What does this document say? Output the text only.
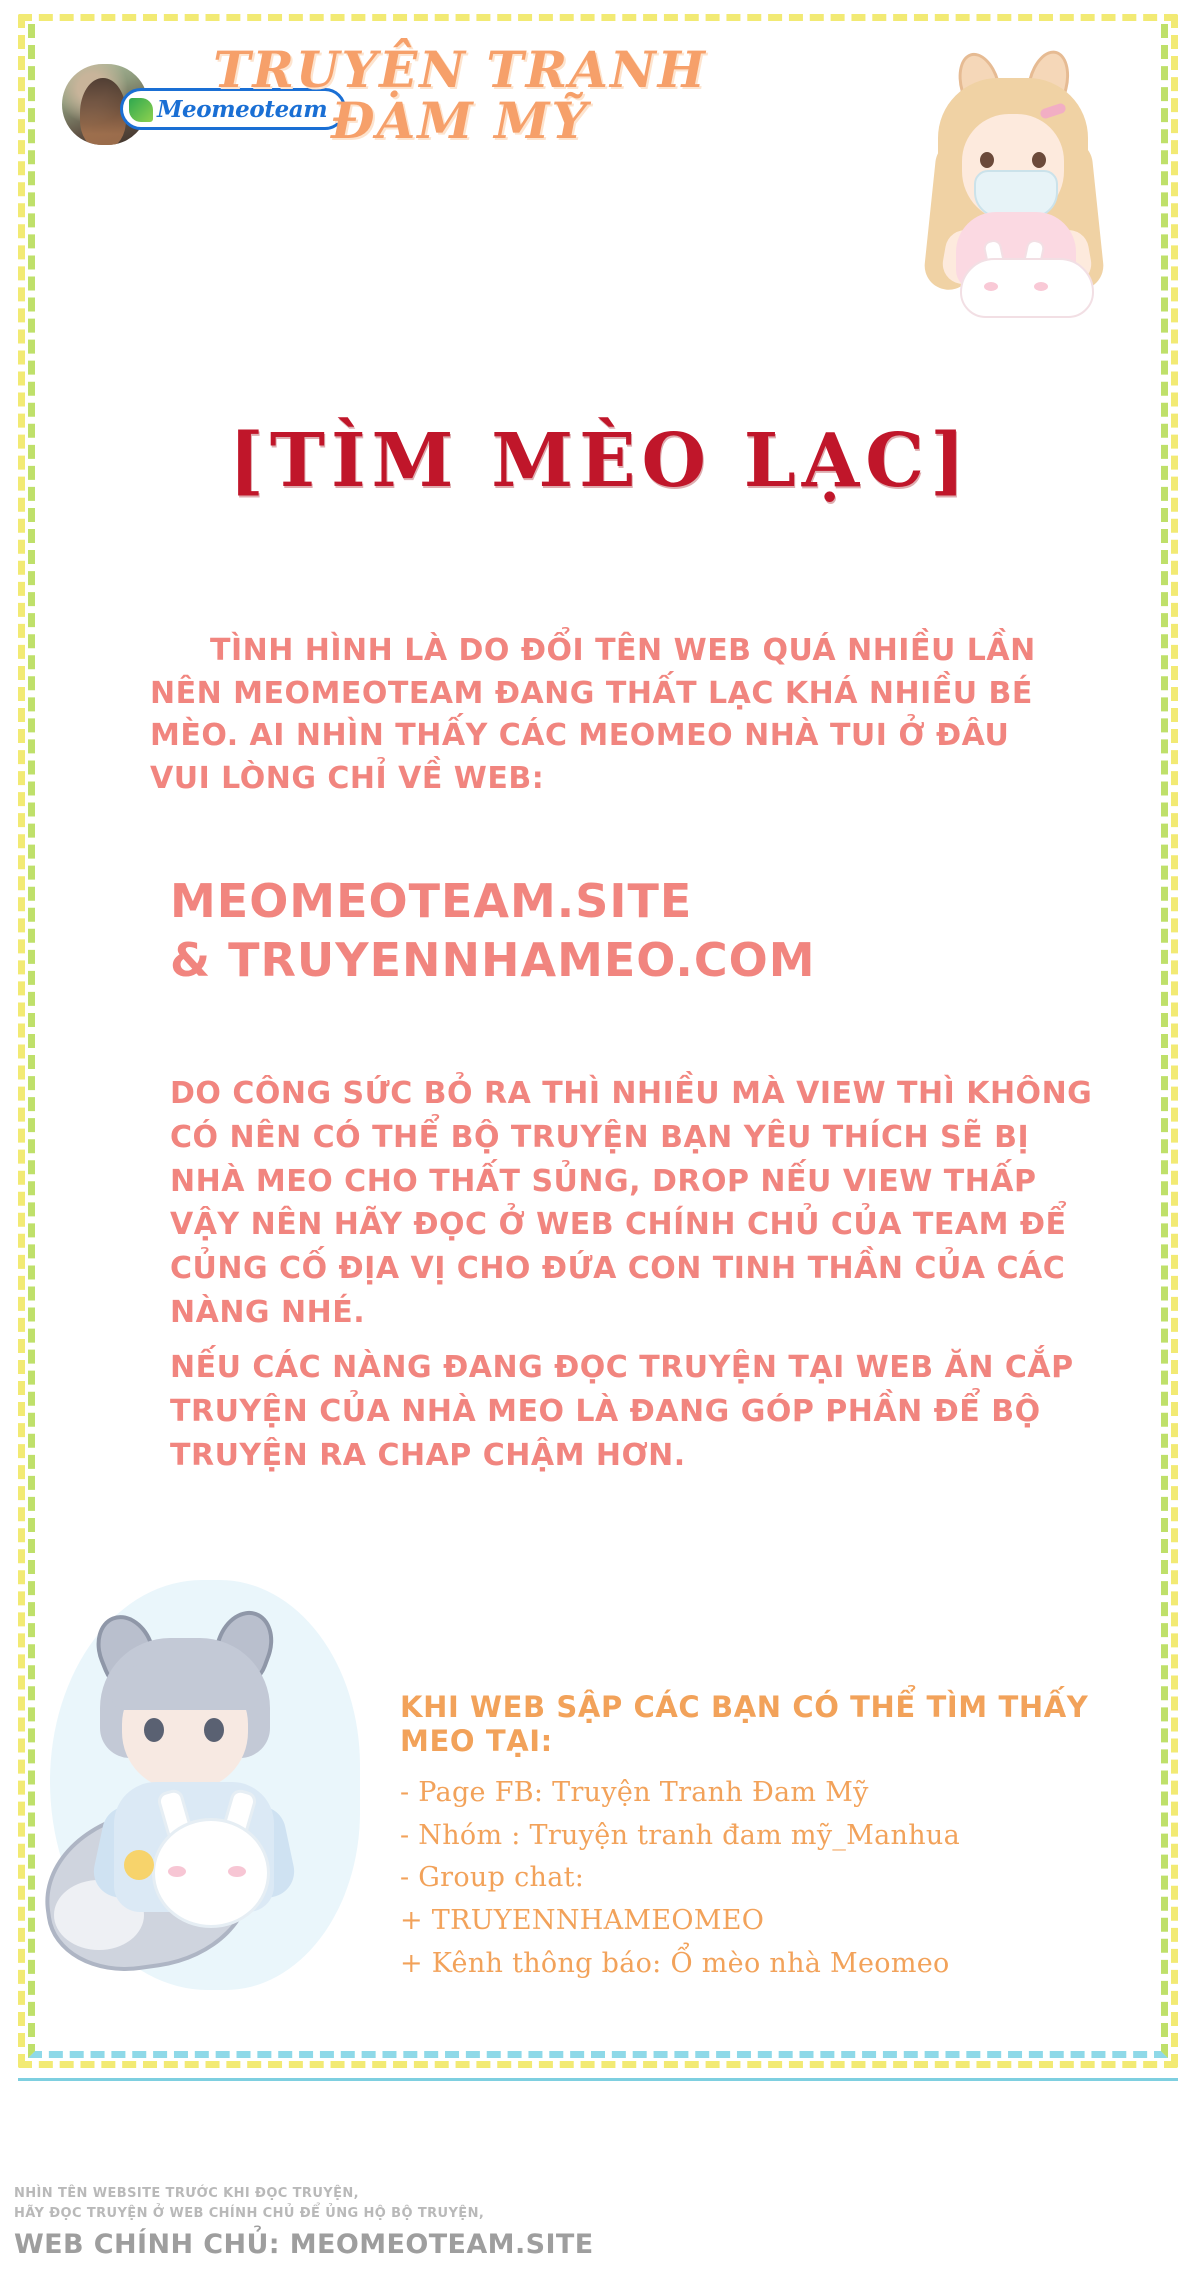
Meomeoteam
TRUYỆN TRANH
ĐAM MỸ
[TÌM MÈO LẠC]
TÌNH HÌNH LÀ DO ĐỔI TÊN WEB QUÁ NHIỀU LẦN NÊN MEOMEOTEAM ĐANG THẤT LẠC KHÁ NHIỀU BÉ MÈO. AI NHÌN THẤY CÁC MEOMEO NHÀ TUI Ở ĐÂU VUI LÒNG CHỈ VỀ WEB:
MEOMEOTEAM.SITE
& TRUYENNHAMEO.COM
DO CÔNG SỨC BỎ RA THÌ NHIỀU MÀ VIEW THÌ KHÔNG CÓ NÊN CÓ THỂ BỘ TRUYỆN BẠN YÊU THÍCH SẼ BỊ NHÀ MEO CHO THẤT SỦNG, DROP NẾU VIEW THẤP VẬY NÊN HÃY ĐỌC Ở WEB CHÍNH CHỦ CỦA TEAM ĐỂ CỦNG CỐ ĐỊA VỊ CHO ĐỨA CON TINH THẦN CỦA CÁC NÀNG NHÉ.
NẾU CÁC NÀNG ĐANG ĐỌC TRUYỆN TẠI WEB ĂN CẮP TRUYỆN CỦA NHÀ MEO LÀ ĐANG GÓP PHẦN ĐỂ BỘ TRUYỆN RA CHAP CHẬM HƠN.
KHI WEB SẬP CÁC BẠN CÓ THỂ TÌM THẤY MEO TẠI:
- Page FB: Truyện Tranh Đam Mỹ
- Nhóm : Truyện tranh đam mỹ_Manhua
- Group chat:
+ TRUYENNHAMEOMEO
+ Kênh thông báo: Ổ mèo nhà Meomeo
NHÌN TÊN WEBSITE TRƯỚC KHI ĐỌC TRUYỆN,
HÃY ĐỌC TRUYỆN Ở WEB CHÍNH CHỦ ĐỂ ỦNG HỘ BỘ TRUYỆN,
WEB CHÍNH CHỦ: MEOMEOTEAM.SITE
